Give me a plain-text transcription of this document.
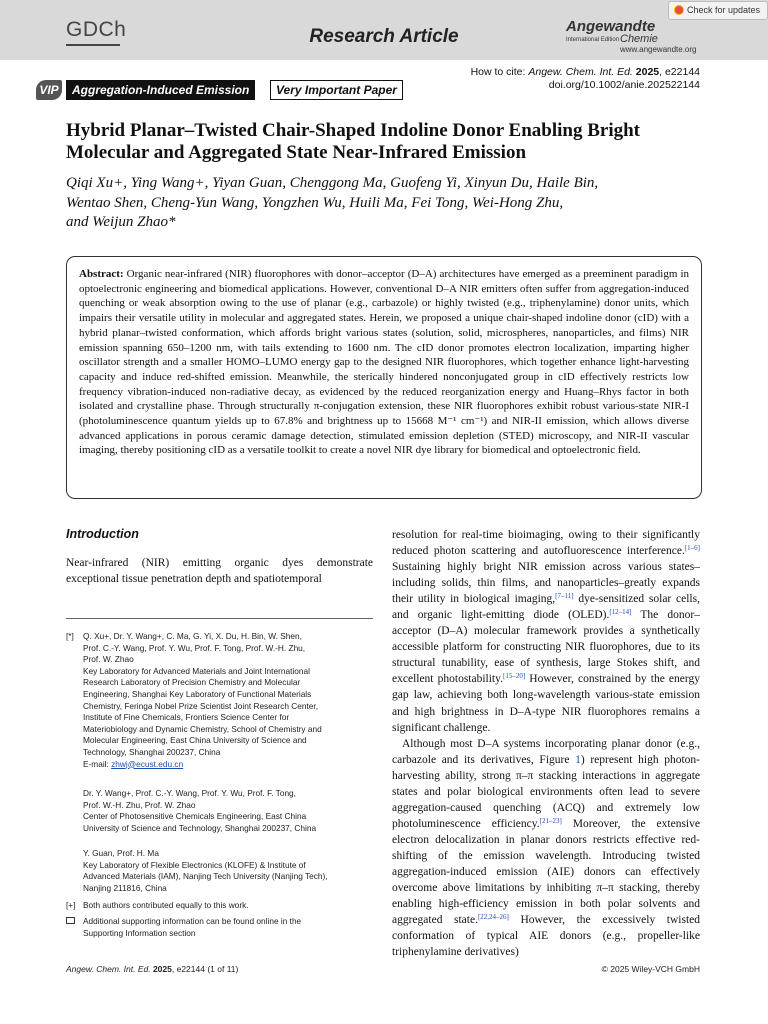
GDCh	Research Article	Angewandte
International Edition Chemie
www.angewandte.org
Check for updates
How to cite: Angew. Chem. Int. Ed. 2025, e22144
doi.org/10.1002/anie.202522144
VIP	Aggregation-Induced Emission	Very Important Paper
Hybrid Planar–Twisted Chair-Shaped Indoline Donor Enabling Bright Molecular and Aggregated State Near-Infrared Emission
Qiqi Xu+, Ying Wang+, Yiyan Guan, Chenggong Ma, Guofeng Yi, Xinyun Du, Haile Bin,
Wentao Shen, Cheng-Yun Wang, Yongzhen Wu, Huili Ma, Fei Tong, Wei-Hong Zhu,
and Weijun Zhao*
Abstract: Organic near-infrared (NIR) fluorophores with donor–acceptor (D–A) architectures have emerged as a preeminent paradigm in optoelectronic engineering and biomedical applications. However, conventional D–A NIR emitters often suffer from aggregation-induced quenching or weak absorption owing to the use of planar (e.g., carbazole) or highly twisted (e.g., triphenylamine) donor units, which impairs their versatile utility in molecular and aggregated states. Herein, we proposed a unique chair-shaped indoline donor (cID) with a hybrid planar–twisted conformation, which affords bright various states (solution, solid, microspheres, nanoparticles, and films) NIR emission spanning 650–1200 nm, with tails extending to 1600 nm. The cID donor promotes electron localization, imparting higher oscillator strength and a smaller HOMO–LUMO energy gap to the designed NIR fluorophores, which together enhance light-harvesting capacity and induce red-shifted emission. Meanwhile, the sterically hindered nonconjugated group in cID effectively restricts low frequency vibration-induced non-radiative decay, as evidenced by the reduced reorganization energy and Huang–Rhys factor in both isolated and crystalline phase. Through structurally π-conjugation extension, these NIR fluorophores exhibit robust various-state NIR-I (photoluminescence quantum yields up to 67.8% and brightness up to 15668 M⁻¹ cm⁻¹) and NIR-II emission, which allows diverse advanced applications in porous ceramic damage detection, stimulated emission depletion (STED) microscopy, and NIR-II vascular imaging, thereby positioning cID as a versatile toolkit to create a novel NIR dye library for biomedical and optoelectronic field.
Introduction

Near-infrared (NIR) emitting organic dyes demonstrate exceptional tissue penetration depth and spatiotemporal

[*]	Q. Xu+, Dr. Y. Wang+, C. Ma, G. Yi, X. Du, H. Bin, W. Shen,
Prof. C.-Y. Wang, Prof. Y. Wu, Prof. F. Tong, Prof. W.-H. Zhu,
Prof. W. Zhao
Key Laboratory for Advanced Materials and Joint International
Research Laboratory of Precision Chemistry and Molecular
Engineering, Shanghai Key Laboratory of Functional Materials
Chemistry, Feringa Nobel Prize Scientist Joint Research Center,
Institute of Fine Chemicals, Frontiers Science Center for
Materiobiology and Dynamic Chemistry, School of Chemistry and
Molecular Engineering, East China University of Science and
Technology, Shanghai 200237, China
E-mail: zhwj@ecust.edu.cn
Dr. Y. Wang+, Prof. C.-Y. Wang, Prof. Y. Wu, Prof. F. Tong,
Prof. W.-H. Zhu, Prof. W. Zhao
Center of Photosensitive Chemicals Engineering, East China
University of Science and Technology, Shanghai 200237, China
Y. Guan, Prof. H. Ma
Key Laboratory of Flexible Electronics (KLOFE) & Institute of
Advanced Materials (IAM), Nanjing Tech University (Nanjing Tech),
Nanjing 211816, China
[+] Both authors contributed equally to this work.
Additional supporting information can be found online in the
Supporting Information section

resolution for real-time bioimaging, owing to their significantly reduced photon scattering and autofluorescence interference.[1–6] Sustaining highly bright NIR emission across various states–including solids, thin films, and nanoparticles–greatly expands their utility in biological imaging,[7–11] dye-sensitized solar cells, and organic light-emitting diode (OLED).[12–14] The donor–acceptor (D–A) molecular framework provides a synthetically accessible platform for constructing NIR fluorophores, due to its structural tunability, ease of synthesis, large Stokes shift, and excellent photostability.[15–20] However, constrained by the energy gap law, achieving both long-wavelength various-state emission and high brightness in D–A-type NIR fluorophores remains a significant challenge.

Although most D–A systems incorporating planar donor (e.g., carbazole and its derivatives, Figure 1) represent high photon-harvesting ability, strong π–π stacking interactions in aggregate states and polar biological environments often lead to severe aggregation-caused quenching (ACQ) and extremely low photoluminescence efficiency.[21–23] Moreover, the extensive electron delocalization in planar donors restricts effective red-shifting of the emission wavelength. Introducing twisted aggregation-induced emission (AIE) donors can effectively overcome above limitations by inhibiting π–π stacking, thereby enabling high-efficiency emission in both polar solvents and aggregated state.[22,24–26] However, the excessively twisted conformation of typical AIE donors (e.g., propeller-like triphenylamine derivatives)

Angew. Chem. Int. Ed. 2025, e22144 (1 of 11)	© 2025 Wiley-VCH GmbH
